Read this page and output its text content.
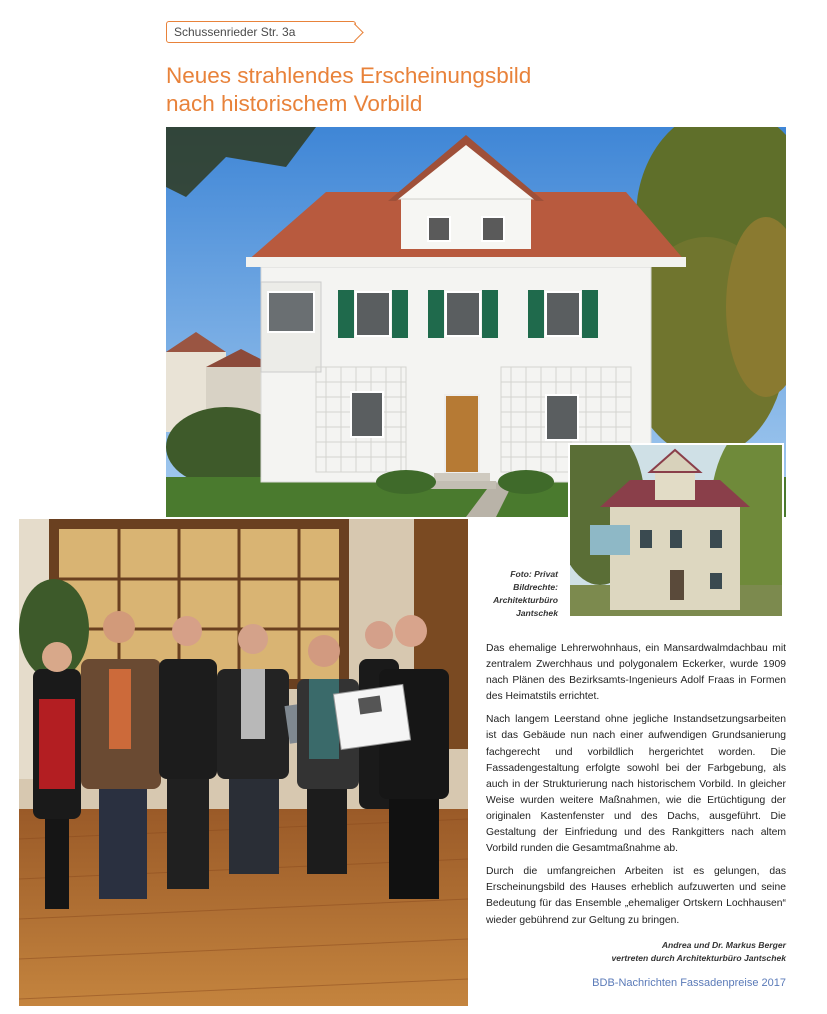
Schussenrieder Str. 3a
Neues strahlendes Erscheinungsbild
nach historischem Vorbild
Foto: Privat
Bildrechte:
Architekturbüro
Jantschek

Das ehemalige Lehrerwohnhaus, ein Mansardwalmdachbau mit zentralem Zwerchhaus und polygonalem Eckerker, wurde 1909 nach Plänen des Bezirksamts-Ingenieurs Adolf Fraas in Formen des Heimatstils errichtet.

Nach langem Leerstand ohne jegliche Instandsetzungsarbeiten ist das Gebäude nun nach einer aufwendigen Grundsanierung fachgerecht und vorbildlich hergerichtet worden. Die Fassadengestaltung erfolgte sowohl bei der Farbgebung, als auch in der Strukturierung nach historischem Vorbild. In gleicher Weise wurden weitere Maßnahmen, wie die Ertüchtigung der originalen Kastenfenster und des Dachs, ausgeführt. Die Gestaltung der Einfriedung und des Rankgitters nach altem Vorbild runden die Gesamtmaßnahme ab.

Durch die umfangreichen Arbeiten ist es gelungen, das Erscheinungsbild des Hauses erheblich aufzuwerten und seine Bedeutung für das Ensemble „ehemaliger Ortskern Lochhausen“ wieder gebührend zur Geltung zu bringen.

Andrea und Dr. Markus Berger
vertreten durch Architekturbüro Jantschek
BDB-Nachrichten Fassadenpreise 2017
